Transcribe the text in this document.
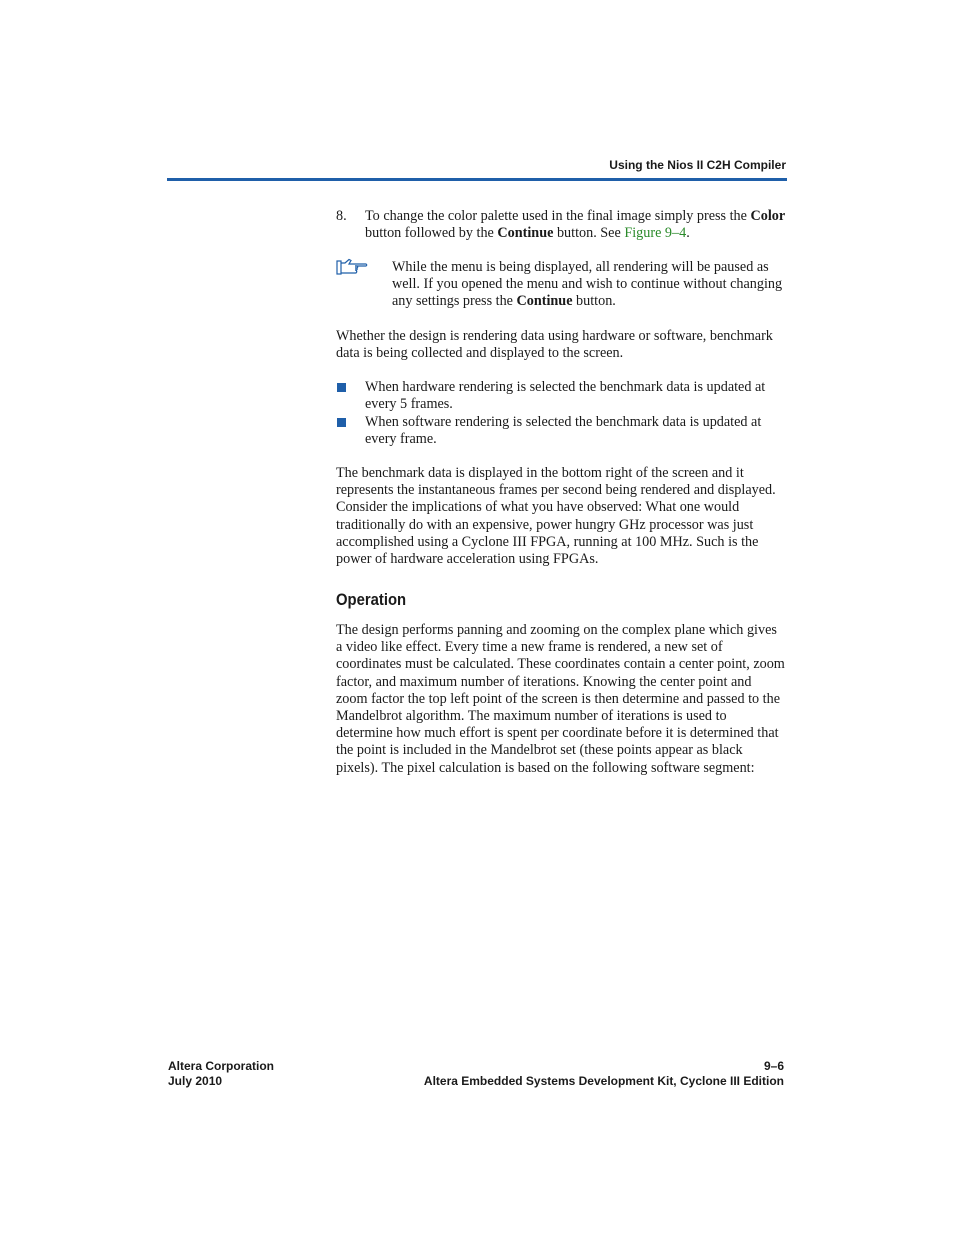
Using the Nios II C2H Compiler
8. To change the color palette used in the final image simply press the Color button followed by the Continue button. See Figure 9–4.
While the menu is being displayed, all rendering will be paused as well. If you opened the menu and wish to continue without changing any settings press the Continue button.
Whether the design is rendering data using hardware or software, benchmark data is being collected and displayed to the screen.
When hardware rendering is selected the benchmark data is updated at every 5 frames.
When software rendering is selected the benchmark data is updated at every frame.
The benchmark data is displayed in the bottom right of the screen and it represents the instantaneous frames per second being rendered and displayed. Consider the implications of what you have observed: What one would traditionally do with an expensive, power hungry GHz processor was just accomplished using a Cyclone III FPGA, running at 100 MHz. Such is the power of hardware acceleration using FPGAs.
Operation
The design performs panning and zooming on the complex plane which gives a video like effect. Every time a new frame is rendered, a new set of coordinates must be calculated. These coordinates contain a center point, zoom factor, and maximum number of iterations. Knowing the center point and zoom factor the top left point of the screen is then determine and passed to the Mandelbrot algorithm. The maximum number of iterations is used to determine how much effort is spent per coordinate before it is determined that the point is included in the Mandelbrot set (these points appear as black pixels). The pixel calculation is based on the following software segment:
Altera Corporation
July 2010
9–6
Altera Embedded Systems Development Kit, Cyclone III Edition
